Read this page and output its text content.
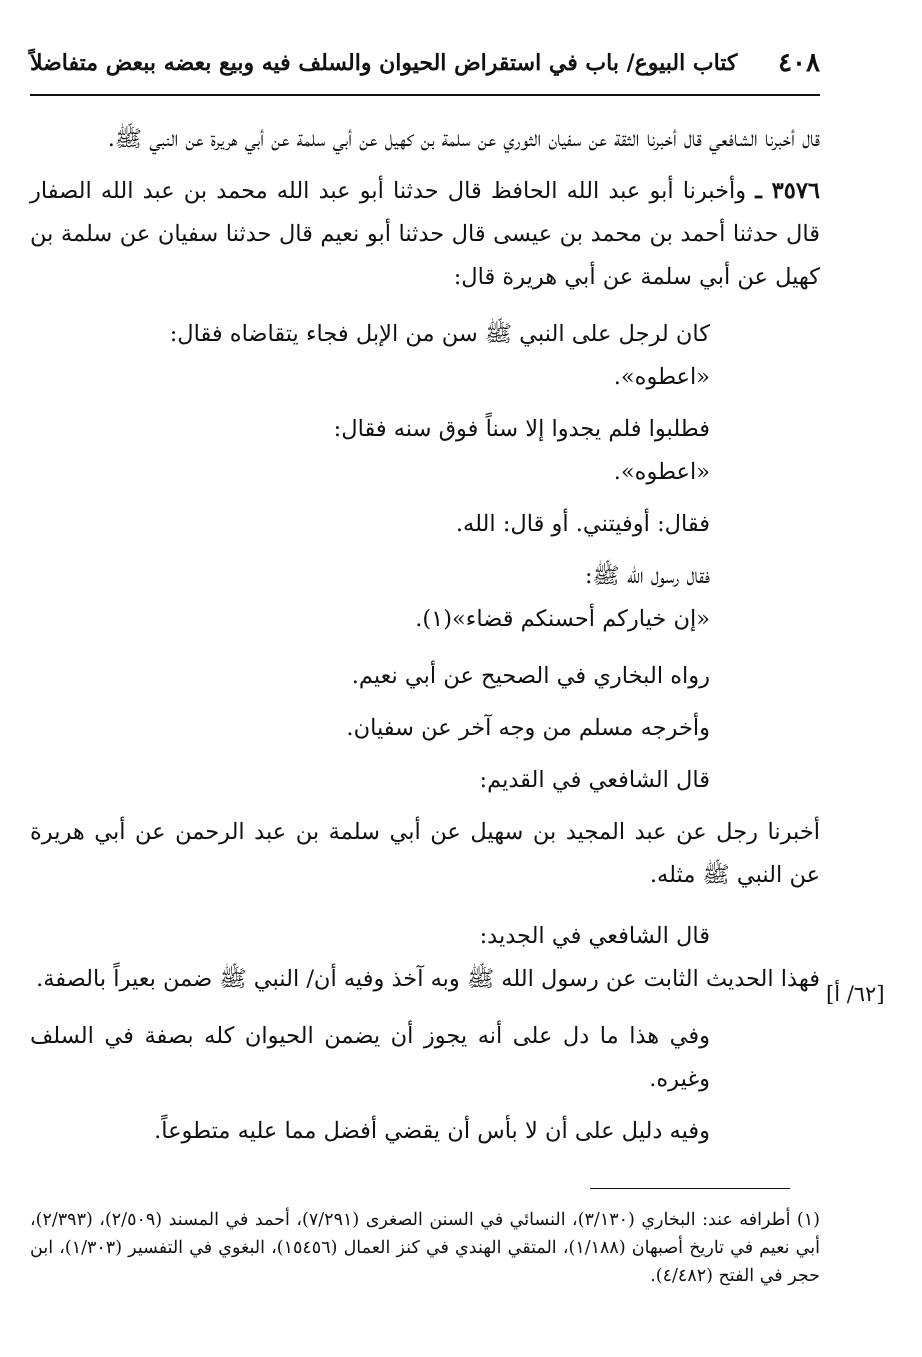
٤٠٨
كتاب البيوع/ باب في استقراض الحيوان والسلف فيه وبيع بعضه ببعض متفاضلاً

قال أخبرنا الشافعي قال أخبرنا الثقة عن سفيان الثوري عن سلمة بن كهيل عن أبي سلمة عن أبي هريرة عن النبي ﷺ.

٣٥٧٦ ـ وأخبرنا أبو عبد الله الحافظ قال حدثنا أبو عبد الله محمد بن عبد الله الصفار قال حدثنا أحمد بن محمد بن عيسى قال حدثنا أبو نعيم قال حدثنا سفيان عن سلمة بن كهيل عن أبي سلمة عن أبي هريرة قال:

كان لرجل على النبي ﷺ سن من الإبل فجاء يتقاضاه فقال:

«اعطوه».

فطلبوا فلم يجدوا إلا سناً فوق سنه فقال:

«اعطوه».

فقال: أوفيتني. أو قال: الله.

فقال رسول الله ﷺ:

«إن خياركم أحسنكم قضاء»(١).

رواه البخاري في الصحيح عن أبي نعيم.

وأخرجه مسلم من وجه آخر عن سفيان.

قال الشافعي في القديم:

أخبرنا رجل عن عبد المجيد بن سهيل عن أبي سلمة بن عبد الرحمن عن أبي هريرة عن النبي ﷺ مثله.

قال الشافعي في الجديد:

فهذا الحديث الثابت عن رسول الله ﷺ وبه آخذ وفيه أن/ النبي ﷺ ضمن بعيراً بالصفة.

وفي هذا ما دل على أنه يجوز أن يضمن الحيوان كله بصفة في السلف وغيره.

وفيه دليل على أن لا بأس أن يقضي أفضل مما عليه متطوعاً.

[٦٢/ أ]

(١) أطرافه عند: البخاري (٣/١٣٠)، النسائي في السنن الصغرى (٧/٢٩١)، أحمد في المسند (٢/٥٠٩)، (٢/٣٩٣)، أبي نعيم في تاريخ أصبهان (١/١٨٨)، المتقي الهندي في كنز العمال (١٥٤٥٦)، البغوي في التفسير (١/٣٠٣)، ابن حجر في الفتح (٤/٤٨٢).
